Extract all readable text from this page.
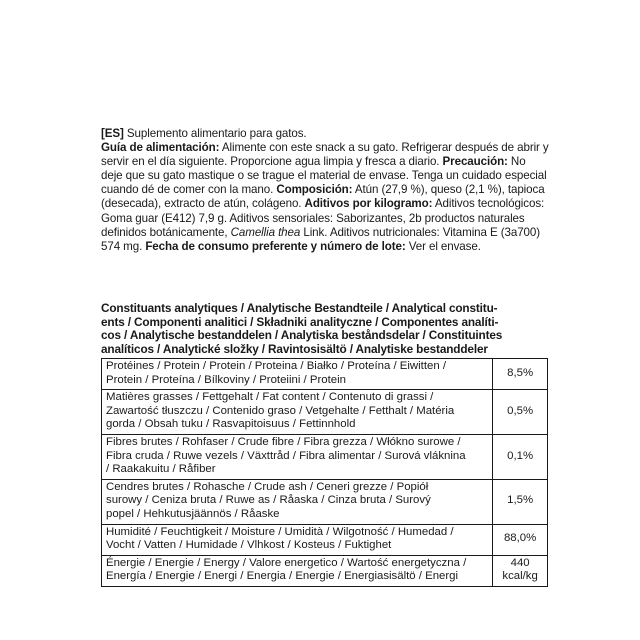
[ES] Suplemento alimentario para gatos.
Guía de alimentación: Alimente con este snack a su gato. Refrigerar después de abrir y servir en el día siguiente. Proporcione agua limpia y fresca a diario. Precaución: No deje que su gato mastique o se trague el material de envase. Tenga un cuidado especial cuando dé de comer con la mano. Composición: Atún (27,9 %), queso (2,1 %), tapioca (desecada), extracto de atún, colágeno. Aditivos por kilogramo: Aditivos tecnológicos: Goma guar (E412) 7,9 g. Aditivos sensoriales: Saborizantes, 2b productos naturales definidos botánicamente, Camellia thea Link. Aditivos nutricionales: Vitamina E (3a700) 574 mg. Fecha de consumo preferente y número de lote: Ver el envase.
Constituants analytiques / Analytische Bestandteile / Analytical constitu-
ents / Componenti analitici / Składniki analityczne / Componentes analíti-
cos / Analytische bestanddelen / Analytiska beståndsdelar / Constituintes
analíticos / Analytické složky / Ravintosisältö / Analytiske bestanddeler
Protéines / Protein / Protein / Proteina / Białko / Proteína / Eiwitten /
Protein / Proteína / Bílkoviny / Proteiini / Protein	8,5%

Matières grasses / Fettgehalt / Fat content / Contenuto di grassi /
Zawartość tłuszczu / Contenido graso / Vetgehalte / Fetthalt / Matéria
gorda / Obsah tuku / Rasvapitoisuus / Fettinnhold	0,5%

Fibres brutes / Rohfaser / Crude fibre / Fibra grezza / Włókno surowe /
Fibra cruda / Ruwe vezels / Växttråd / Fibra alimentar / Surová vláknina
/ Raakakuitu / Råfiber	0,1%

Cendres brutes / Rohasche / Crude ash / Ceneri grezze / Popiół
surowy / Ceniza bruta / Ruwe as / Råaska / Cinza bruta / Surový
popel / Hehkutusjäännös / Råaske	1,5%

Humidité / Feuchtigkeit / Moisture / Umidità / Wilgotność / Humedad /
Vocht / Vatten / Humidade / Vlhkost / Kosteus / Fuktighet	88,0%

Énergie / Energie / Energy / Valore energetico / Wartość energetyczna /
Energía / Energie / Energi / Energia / Energie / Energiasisältö / Energi	440
kcal/kg
